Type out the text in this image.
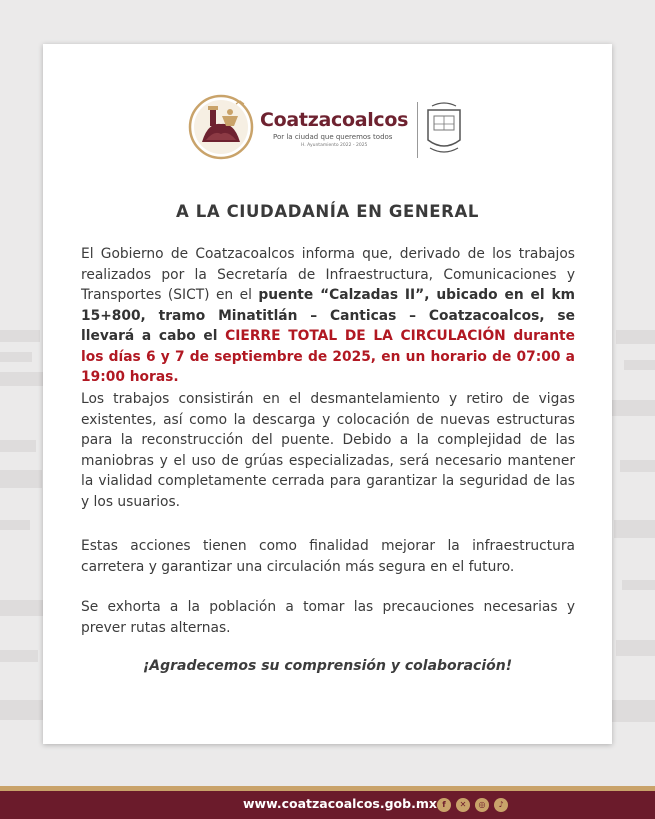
Coatzacoalcos
Por la ciudad que queremos todos
H. Ayuntamiento 2022 - 2025
A LA CIUDADANÍA EN GENERAL

El Gobierno de Coatzacoalcos informa que, derivado de los trabajos realizados por la Secretaría de Infraestructura, Comunicaciones y Transportes (SICT) en el puente “Calzadas II”, ubicado en el km 15+800, tramo Minatitlán – Canticas – Coatzacoalcos, se llevará a cabo el CIERRE TOTAL DE LA CIRCULACIÓN durante los días 6 y 7 de septiembre de 2025, en un horario de 07:00 a 19:00 horas.

Los trabajos consistirán en el desmantelamiento y retiro de vigas existentes, así como la descarga y colocación de nuevas estructuras para la reconstrucción del puente. Debido a la complejidad de las maniobras y el uso de grúas especializadas, será necesario mantener la vialidad completamente cerrada para garantizar la seguridad de las y los usuarios.

Estas acciones tienen como finalidad mejorar la infraestructura carretera y garantizar una circulación más segura en el futuro.

Se exhorta a la población a tomar las precauciones necesarias y prever rutas alternas.

¡Agradecemos su comprensión y colaboración!

www.coatzacoalcos.gob.mx f	✕	◎	♪
